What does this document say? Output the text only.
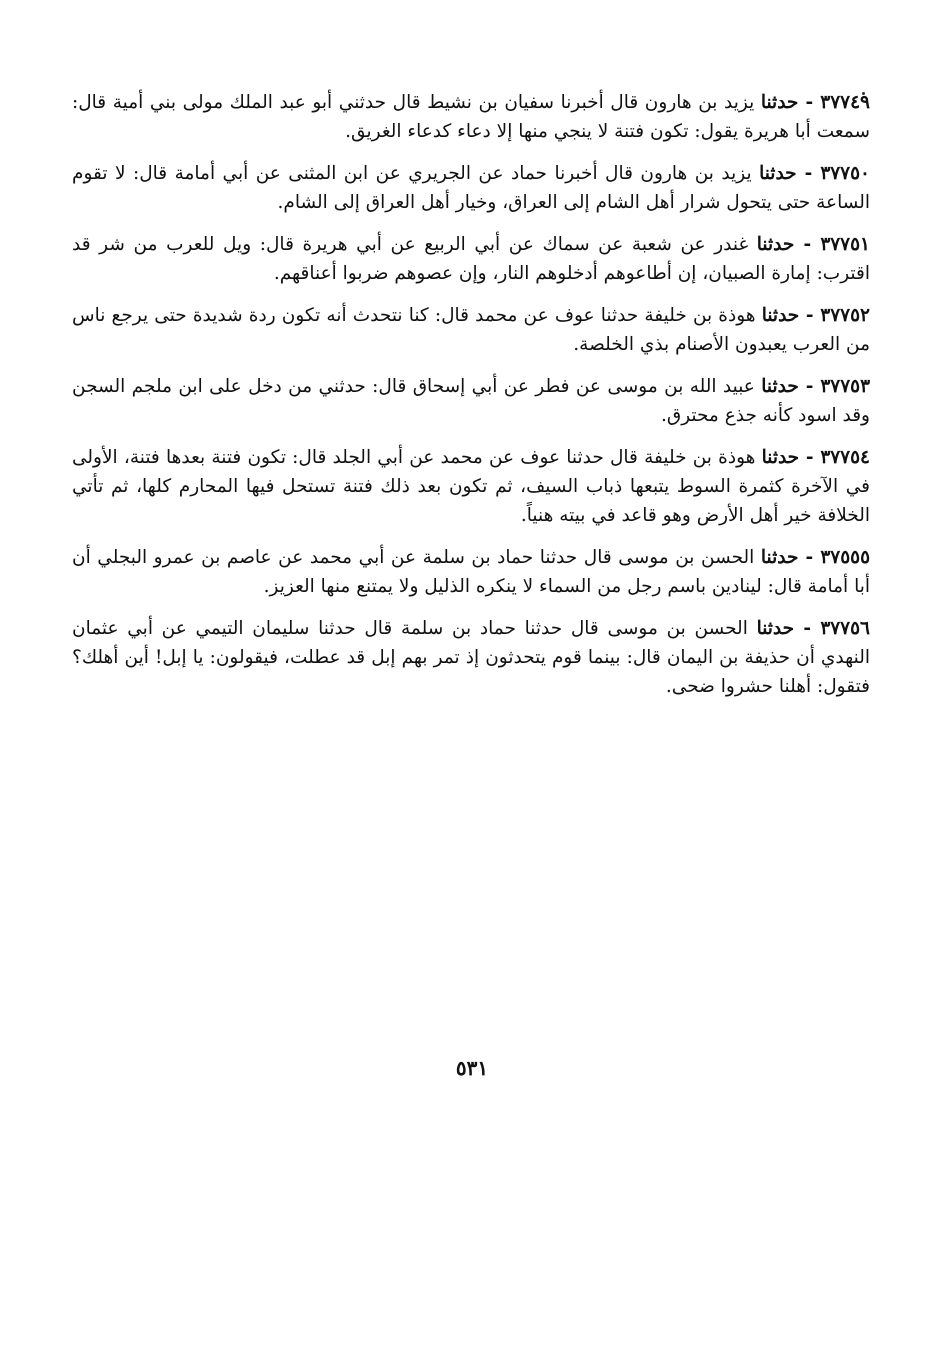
٣٧٧٤٩ - حدثنا يزيد بن هارون قال أخبرنا سفيان بن نشيط قال حدثني أبو عبد الملك مولى بني أمية قال: سمعت أبا هريرة يقول: تكون فتنة لا ينجي منها إلا دعاء كدعاء الغريق.

٣٧٧٥٠ - حدثنا يزيد بن هارون قال أخبرنا حماد عن الجريري عن ابن المثنى عن أبي أمامة قال: لا تقوم الساعة حتى يتحول شرار أهل الشام إلى العراق، وخيار أهل العراق إلى الشام.

٣٧٧٥١ - حدثنا غندر عن شعبة عن سماك عن أبي الربيع عن أبي هريرة قال: ويل للعرب من شر قد اقترب: إمارة الصبيان، إن أطاعوهم أدخلوهم النار، وإن عصوهم ضربوا أعناقهم.

٣٧٧٥٢ - حدثنا هوذة بن خليفة حدثنا عوف عن محمد قال: كنا نتحدث أنه تكون ردة شديدة حتى يرجع ناس من العرب يعبدون الأصنام بذي الخلصة.

٣٧٧٥٣ - حدثنا عبيد الله بن موسى عن فطر عن أبي إسحاق قال: حدثني من دخل على ابن ملجم السجن وقد اسود كأنه جذع محترق.

٣٧٧٥٤ - حدثنا هوذة بن خليفة قال حدثنا عوف عن محمد عن أبي الجلد قال: تكون فتنة بعدها فتنة، الأولى في الآخرة كثمرة السوط يتبعها ذباب السيف، ثم تكون بعد ذلك فتنة تستحل فيها المحارم كلها، ثم تأتي الخلافة خير أهل الأرض وهو قاعد في بيته هنياً.

٣٧٥٥٥ - حدثنا الحسن بن موسى قال حدثنا حماد بن سلمة عن أبي محمد عن عاصم بن عمرو البجلي أن أبا أمامة قال: لينادين باسم رجل من السماء لا ينكره الذليل ولا يمتنع منها العزيز.

٣٧٧٥٦ - حدثنا الحسن بن موسى قال حدثنا حماد بن سلمة قال حدثنا سليمان التيمي عن أبي عثمان النهدي أن حذيفة بن اليمان قال: بينما قوم يتحدثون إذ تمر بهم إبل قد عطلت، فيقولون: يا إبل! أين أهلك؟ فتقول: أهلنا حشروا ضحى.

٥٣١
